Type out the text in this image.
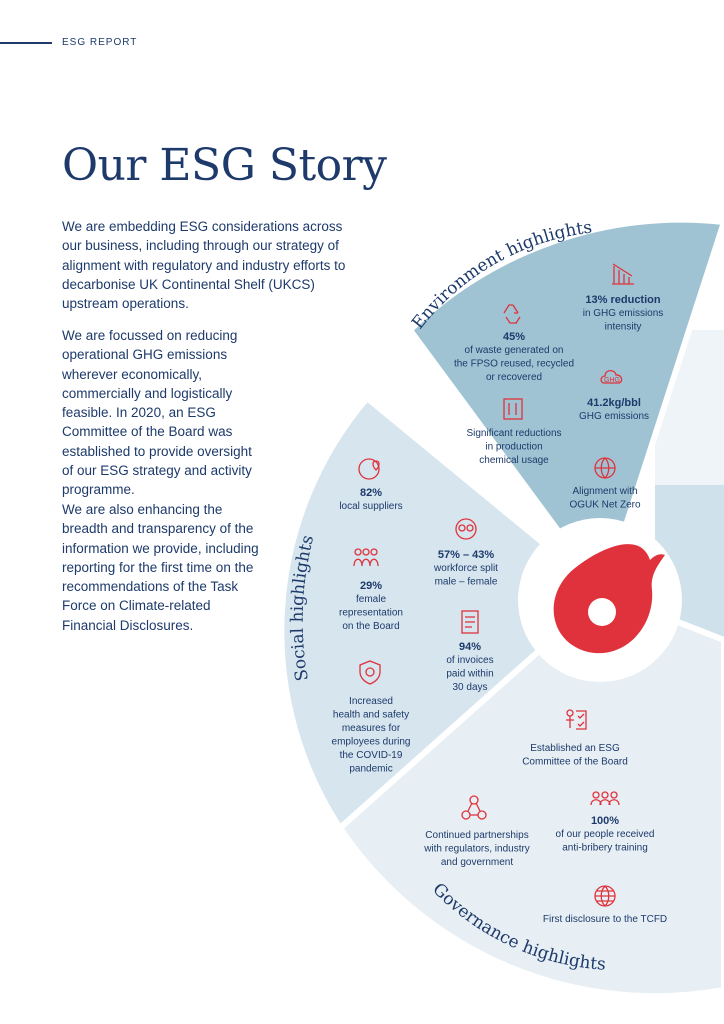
ESG REPORT
Our ESG Story

We are embedding ESG considerations across our business, including through our strategy of alignment with regulatory and industry efforts to decarbonise UK Continental Shelf (UKCS) upstream operations.

We are focussed on reducing operational GHG emissions wherever economically, commercially and logistically feasible. In 2020, an ESG Committee of the Board was established to provide oversight of our ESG strategy and activity programme.

We are also enhancing the breadth and transparency of the information we provide, including reporting for the first time on the recommendations of the Task Force on Climate-related Financial Disclosures.

Environment highlights
Social highlights
Governance highlights
GHG
13% reduction
in GHG emissions
intensity
45%
of waste generated on
the FPSO reused, recycled
or recovered
41.2kg/bbl
GHG emissions
Significant reductions
in production
chemical usage
Alignment with
OGUK Net Zero
82%
local suppliers
57% – 43%
workforce split
male – female
29%
female
representation
on the Board
94%
of invoices
paid within
30 days
Increased
health and safety
measures for
employees during
the COVID-19
pandemic
Established an ESG
Committee of the Board
Continued partnerships
with regulators, industry
and government
100%
of our people received
anti-bribery training
First disclosure to the TCFD
